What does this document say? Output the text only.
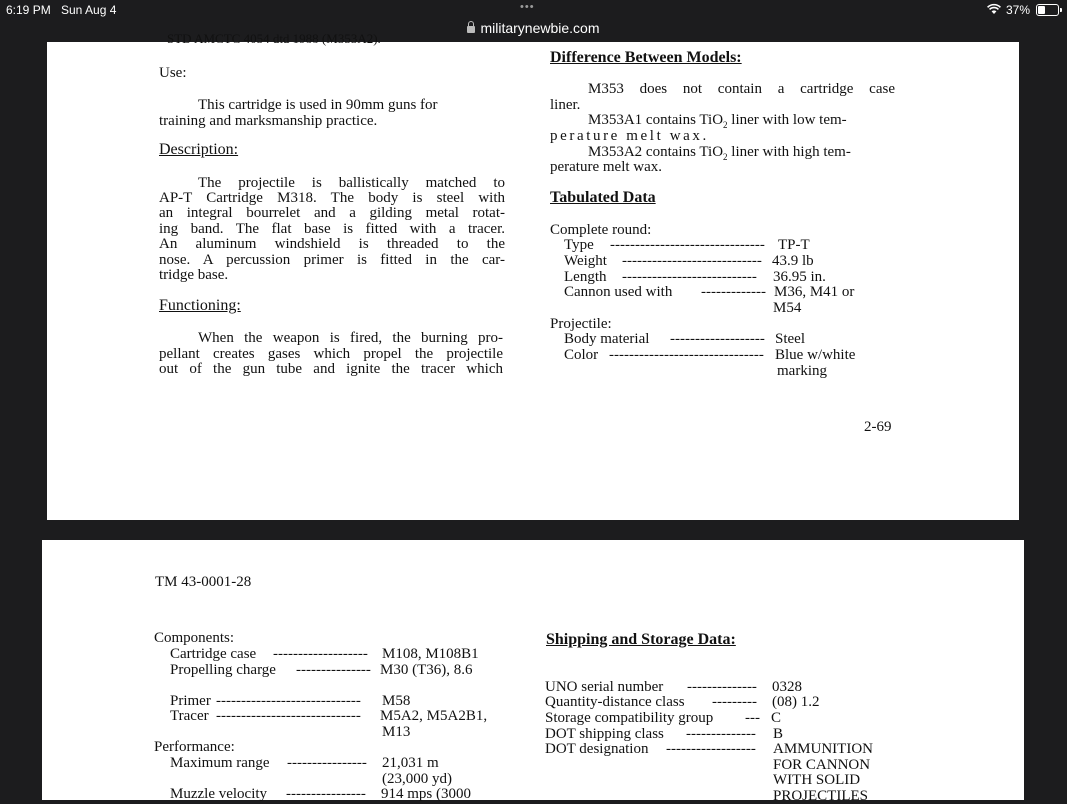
6:19 PM Sun Aug 4	•••	37%
militarynewbie.com
STD AMCTC 4054 dtd 1988 (M353A2).
Use:
This cartridge is used in 90mm guns for
training and marksmanship practice.
Description:
The projectile is ballistically matched to
AP-T Cartridge M318. The body is steel with
an integral bourrelet and a gilding metal rotat-
ing band. The flat base is fitted with a tracer.
An aluminum windshield is threaded to the
nose. A percussion primer is fitted in the car-
tridge base.
Functioning:
When the weapon is fired, the burning pro-
pellant creates gases which propel the projectile
out of the gun tube and ignite the tracer which
Difference Between Models:
M353 does not contain a cartridge case
liner.
M353A1 contains TiO$_2$ liner with low tem-
perature melt wax.
M353A2 contains TiO$_2$ liner with high tem-
perature melt wax.
Tabulated Data
Complete round:
Type ------------------------------- TP-T
Weight ---------------------------- 43.9 lb
Length --------------------------- 36.95 in.
Cannon used with ------------- M36, M41 or
M54
Projectile:
Body material ------------------- Steel
Color ------------------------------- Blue w/white
marking
2-69
TM 43-0001-28
Components:
Cartridge case ------------------- M108, M108B1
Propelling charge --------------- M30 (T36), 8.6
Primer ----------------------------- M58
Tracer ----------------------------- M5A2, M5A2B1,
M13
Performance:
Maximum range ---------------- 21,031 m
(23,000 yd)
Muzzle velocity ---------------- 914 mps (3000
Shipping and Storage Data:
UNO serial number -------------- 0328
Quantity-distance class --------- (08) 1.2
Storage compatibility group --- C
DOT shipping class -------------- B
DOT designation ------------------ AMMUNITION
FOR CANNON
WITH SOLID
PROJECTILES
